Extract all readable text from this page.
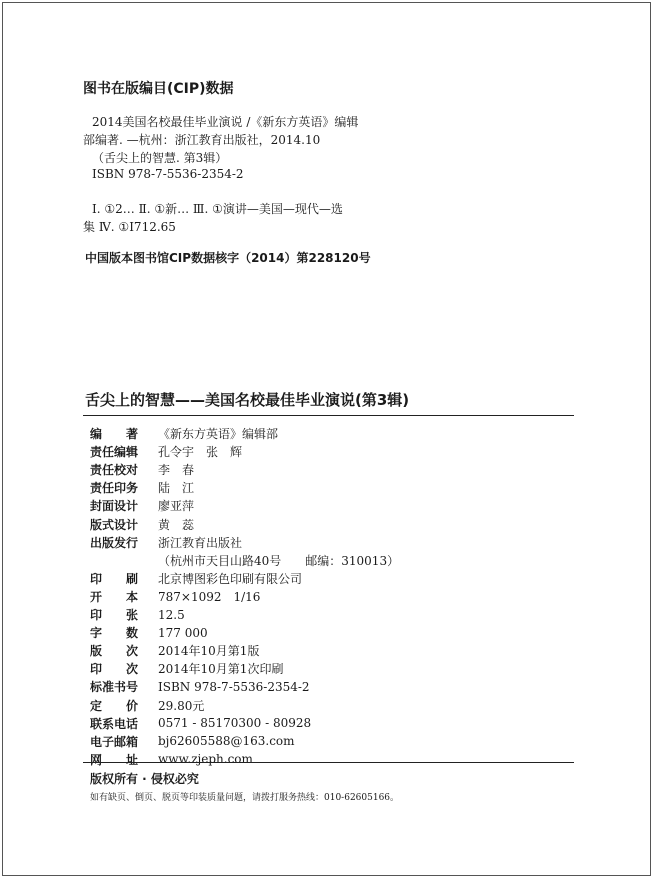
图书在版编目(CIP)数据
2014美国名校最佳毕业演说 /《新东方英语》编辑
部编著. —杭州：浙江教育出版社，2014.10
（舌尖上的智慧. 第3辑）
ISBN 978-7-5536-2354-2
Ⅰ. ①2… Ⅱ. ①新… Ⅲ. ①演讲—美国—现代—选
集 Ⅳ. ①I712.65
中国版本图书馆CIP数据核字（2014）第228120号
舌尖上的智慧——美国名校最佳毕业演说(第3辑)
编　　著	《新东方英语》编辑部
责任编辑	孔令宇　张　辉
责任校对	李　春
责任印务	陆　江
封面设计	廖亚萍
版式设计	黄　蕊
出版发行	浙江教育出版社
（杭州市天目山路40号　　邮编：310013）
印　　刷	北京博图彩色印刷有限公司
开　　本	787×1092　1/16
印　　张	12.5
字　　数	177 000
版　　次	2014年10月第1版
印　　次	2014年10月第1次印刷
标准书号	ISBN 978-7-5536-2354-2
定　　价	29.80元
联系电话	0571 - 85170300 - 80928
电子邮箱	bj62605588@163.com
网　　址	www.zjeph.com
版权所有 · 侵权必究
如有缺页、倒页、脱页等印装质量问题，请拨打服务热线：010-62605166。
